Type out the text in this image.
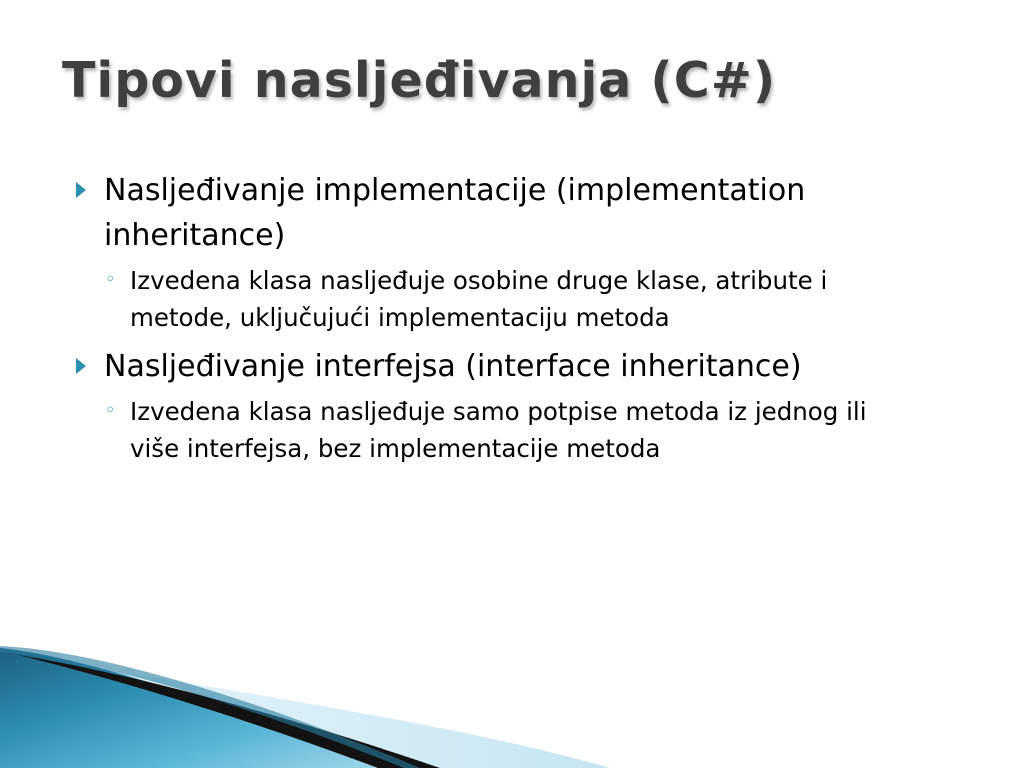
Tipovi nasljeđivanja (C#)
Nasljeđivanje implementacije (implementation inheritance)
◦ Izvedena klasa nasljeđuje osobine druge klase, atribute i metode, uključujući implementaciju metoda
Nasljeđivanje interfejsa (interface inheritance)
◦ Izvedena klasa nasljeđuje samo potpise metoda iz jednog ili više interfejsa, bez implementacije metoda
